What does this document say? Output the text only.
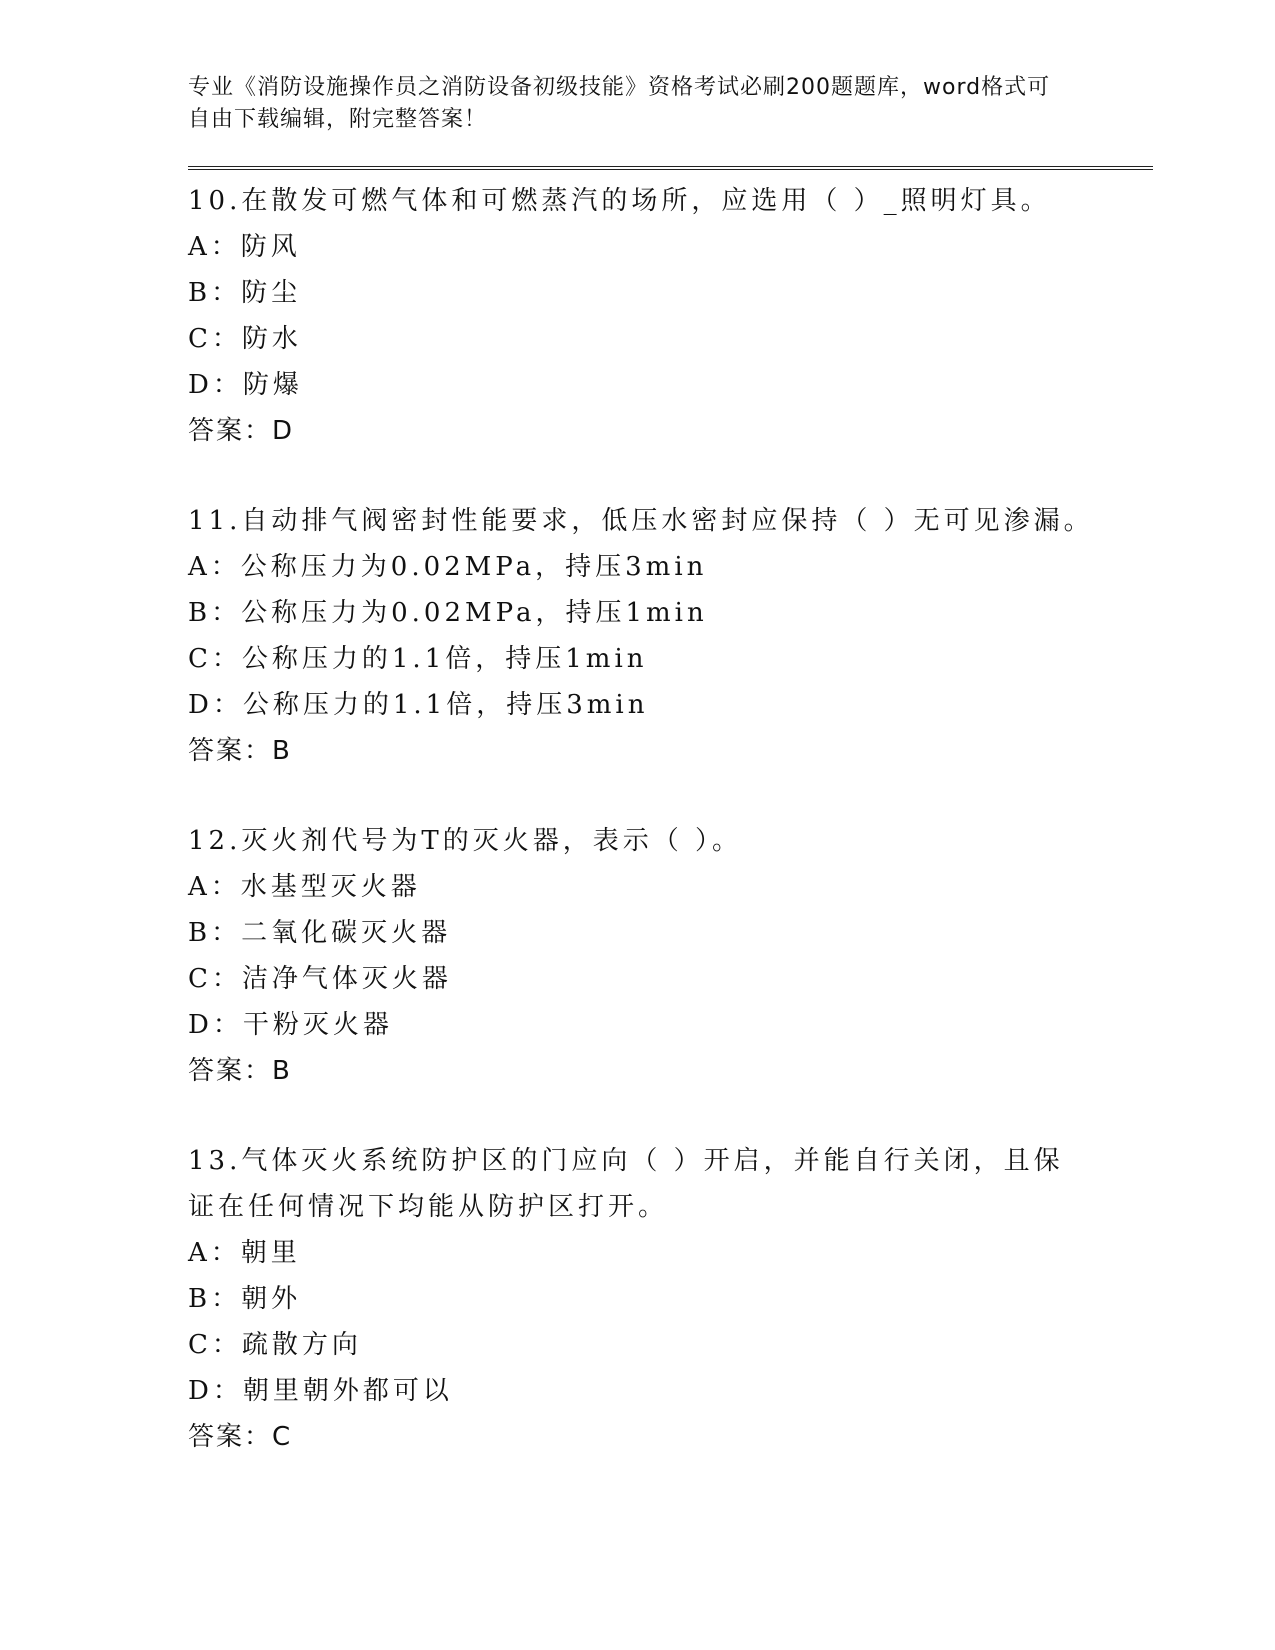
专业《消防设施操作员之消防设备初级技能》资格考试必刷200题题库，word格式可自由下载编辑，附完整答案！

10.在散发可燃气体和可燃蒸汽的场所，应选用（ ）_照明灯具。

A：防风

B：防尘

C：防水

D：防爆

答案：D

11.自动排气阀密封性能要求，低压水密封应保持（ ）无可见渗漏。

A：公称压力为0.02MPa，持压3min

B：公称压力为0.02MPa，持压1min

C：公称压力的1.1倍，持压1min

D：公称压力的1.1倍，持压3min

答案：B

12.灭火剂代号为T的灭火器，表示（ ）。

A：水基型灭火器

B：二氧化碳灭火器

C：洁净气体灭火器

D：干粉灭火器

答案：B

13.气体灭火系统防护区的门应向（ ）开启，并能自行关闭，且保证在任何情况下均能从防护区打开。

A：朝里

B：朝外

C：疏散方向

D：朝里朝外都可以

答案：C
